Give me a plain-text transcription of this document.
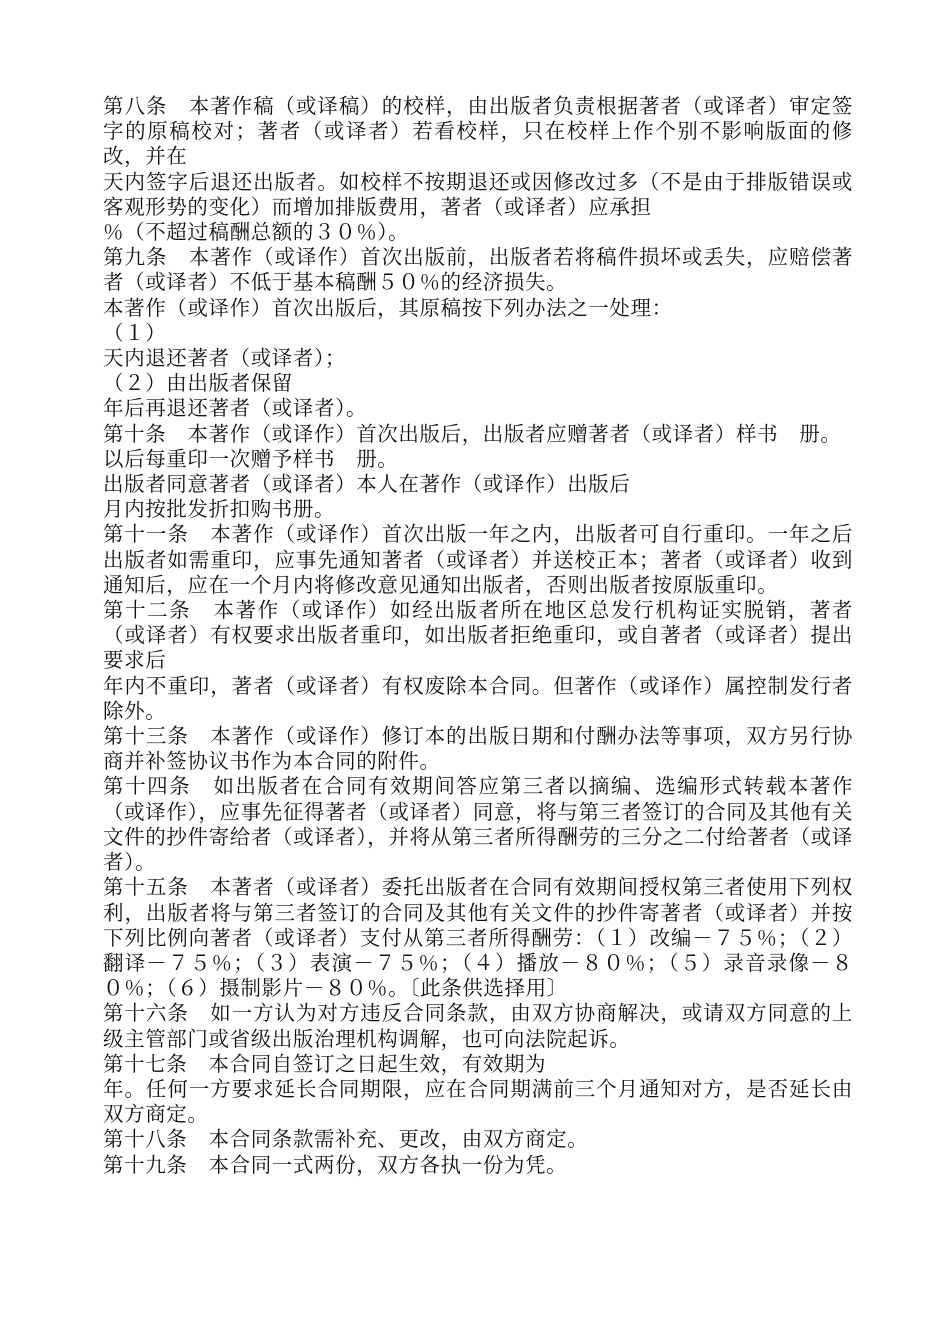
第八条　本著作稿（或译稿）的校样，由出版者负责根据著者（或译者）审定签字的原稿校对；著者（或译者）若看校样，只在校样上作个别不影响版面的修改，并在

天内签字后退还出版者。如校样不按期退还或因修改过多（不是由于排版错误或客观形势的变化）而增加排版费用，著者（或译者）应承担

％（不超过稿酬总额的３０％）。

第九条　本著作（或译作）首次出版前，出版者若将稿件损坏或丢失，应赔偿著者（或译者）不低于基本稿酬５０％的经济损失。

本著作（或译作）首次出版后，其原稿按下列办法之一处理：

（１）

天内退还著者（或译者）；

（２）由出版者保留

年后再退还著者（或译者）。

第十条　本著作（或译作）首次出版后，出版者应赠著者（或译者）样书　册。

以后每重印一次赠予样书　册。

出版者同意著者（或译者）本人在著作（或译作）出版后

月内按批发折扣购书册。

第十一条　本著作（或译作）首次出版一年之内，出版者可自行重印。一年之后出版者如需重印，应事先通知著者（或译者）并送校正本；著者（或译者）收到通知后，应在一个月内将修改意见通知出版者，否则出版者按原版重印。

第十二条　本著作（或译作）如经出版者所在地区总发行机构证实脱销，著者（或译者）有权要求出版者重印，如出版者拒绝重印，或自著者（或译者）提出要求后

年内不重印，著者（或译者）有权废除本合同。但著作（或译作）属控制发行者除外。

第十三条　本著作（或译作）修订本的出版日期和付酬办法等事项，双方另行协商并补签协议书作为本合同的附件。

第十四条　如出版者在合同有效期间答应第三者以摘编、选编形式转载本著作（或译作），应事先征得著者（或译者）同意，将与第三者签订的合同及其他有关文件的抄件寄给者（或译者），并将从第三者所得酬劳的三分之二付给著者（或译者）。

第十五条　本著者（或译者）委托出版者在合同有效期间授权第三者使用下列权利，出版者将与第三者签订的合同及其他有关文件的抄件寄著者（或译者）并按下列比例向著者（或译者）支付从第三者所得酬劳：（１）改编－７５％；（２）翻译－７５％；（３）表演－７５％；（４）播放－８０％；（５）录音录像－８０％；（６）摄制影片－８０％。〔此条供选择用〕

第十六条　如一方认为对方违反合同条款，由双方协商解决，或请双方同意的上级主管部门或省级出版治理机构调解，也可向法院起诉。

第十七条　本合同自签订之日起生效，有效期为

年。任何一方要求延长合同期限，应在合同期满前三个月通知对方，是否延长由双方商定。

第十八条　本合同条款需补充、更改，由双方商定。

第十九条　本合同一式两份，双方各执一份为凭。
